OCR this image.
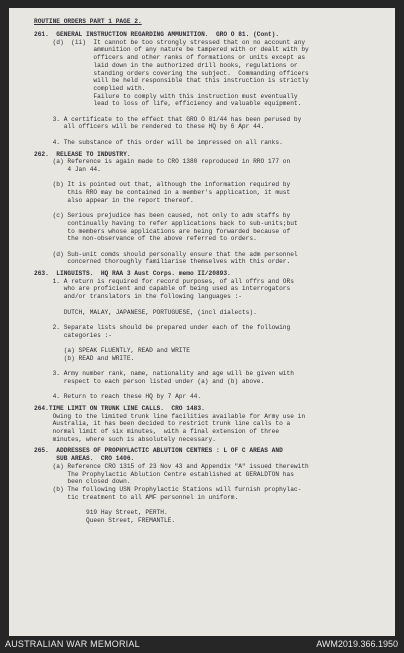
ROUTINE ORDERS PART 1 PAGE 2.
261.  GENERAL INSTRUCTION REGARDING AMMUNITION.  GRO O 81. (Cont).
(d)  (ii)  It cannot be too strongly stressed that on no account any
ammunition of any nature be tampered with or dealt with by
officers and other ranks of formations or units except as
laid down in the authorized drill books, regulations or
standing orders covering the subject.  Commanding officers
will be held responsible that this instruction is strictly
complied with.
Failure to comply with this instruction must eventually
lead to loss of life, efficiency and valuable equipment.
3. A certificate to the effect that GRO O 81/44 has been perused by
all officers will be rendered to these HQ by 6 Apr 44.
4. The substance of this order will be impressed on all ranks.
262.  RELEASE TO INDUSTRY.
(a) Reference is again made to CRO 1380 reproduced in RRO 177 on
4 Jan 44.
(b) It is pointed out that, although the information required by
this RRO may be contained in a member's application, it must
also appear in the report thereof.
(c) Serious prejudice has been caused, not only to adm staffs by
continually having to refer applications back to sub-units;but
to members whose applications are being forwarded because of
the non-observance of the above referred to orders.
(d) Sub-unit comds should personally ensure that the adm personnel
concerned thoroughly familiarise themselves with this order.
263.  LINGUISTS.  HQ RAA 3 Aust Corps. memo II/20893.
1. A return is required for record purposes, of all offrs and ORs
who are proficient and capable of being used as interrogators
and/or translators in the following languages :-
DUTCH, MALAY, JAPANESE, PORTUGUESE, (incl dialects).
2. Separate lists should be prepared under each of the following
categories :-
(a) SPEAK FLUENTLY, READ and WRITE
(b) READ and WRITE.
3. Army number rank, name, nationality and age will be given with
respect to each person listed under (a) and (b) above.
4. Return to reach these HQ by 7 Apr 44.
264.TIME LIMIT ON TRUNK LINE CALLS.  CRO 1483.
Owing to the limited trunk line facilities available for Army use in
Australia, it has been decided to restrict trunk line calls to a
normal limit of six minutes,  with a final extension of three
minutes, where such is absolutely necessary.
265.  ADDRESSES OF PROPHYLACTIC ABLUTION CENTRES : L OF C AREAS AND
SUB AREAS.  CRO 1406.
(a) Reference CRO 1315 of 23 Nov 43 and Appendix "A" issued therewith
The Prophylactic Ablution Centre established at GERALDTON has
been closed down.
(b) The following USN Prophylactic Stations will furnish prophylac-
tic treatment to all AMF personnel in uniform.
919 Hay Street, PERTH.
Queen Street, FREMANTLE.
AUSTRALIAN WAR MEMORIAL	AWM2019.366.1950
